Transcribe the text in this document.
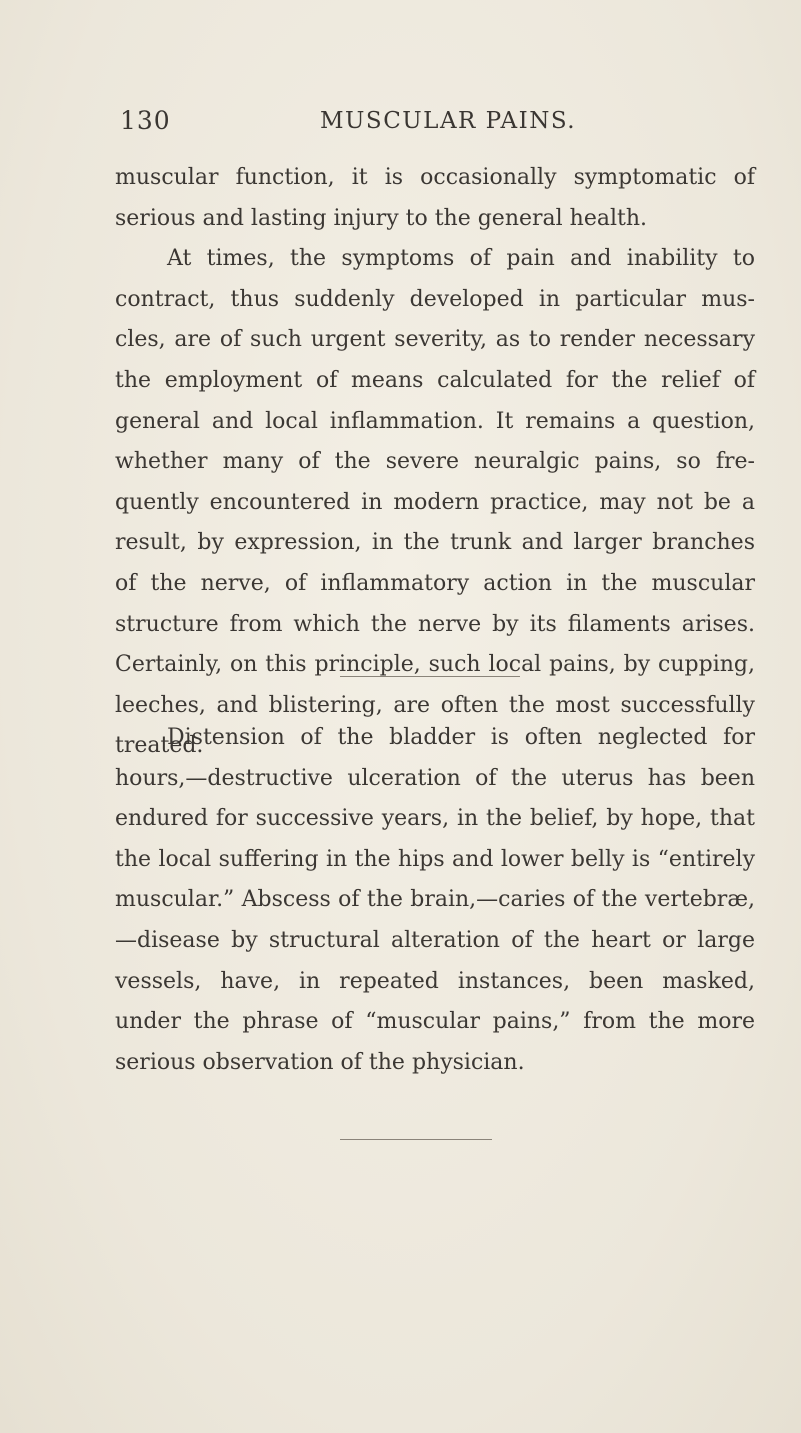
130	MUSCULAR PAINS.

muscular function, it is occasionally symptomatic of serious and lasting injury to the general health.

At times, the symptoms of pain and inability to contract, thus suddenly developed in particular mus- cles, are of such urgent severity, as to render necessary the employment of means calculated for the relief of general and local inflammation. It remains a question, whether many of the severe neuralgic pains, so fre- quently encountered in modern practice, may not be a result, by expression, in the trunk and larger branches of the nerve, of inflammatory action in the muscular structure from which the nerve by its filaments arises. Certainly, on this principle, such local pains, by cupping, leeches, and blistering, are often the most successfully treated.

Distension of the bladder is often neglected for hours,—destructive ulceration of the uterus has been endured for successive years, in the belief, by hope, that the local suffering in the hips and lower belly is “entirely muscular.” Abscess of the brain,—caries of the vertebræ,—disease by structural alteration of the heart or large vessels, have, in repeated instances, been masked, under the phrase of “muscular pains,” from the more serious observation of the physician.
